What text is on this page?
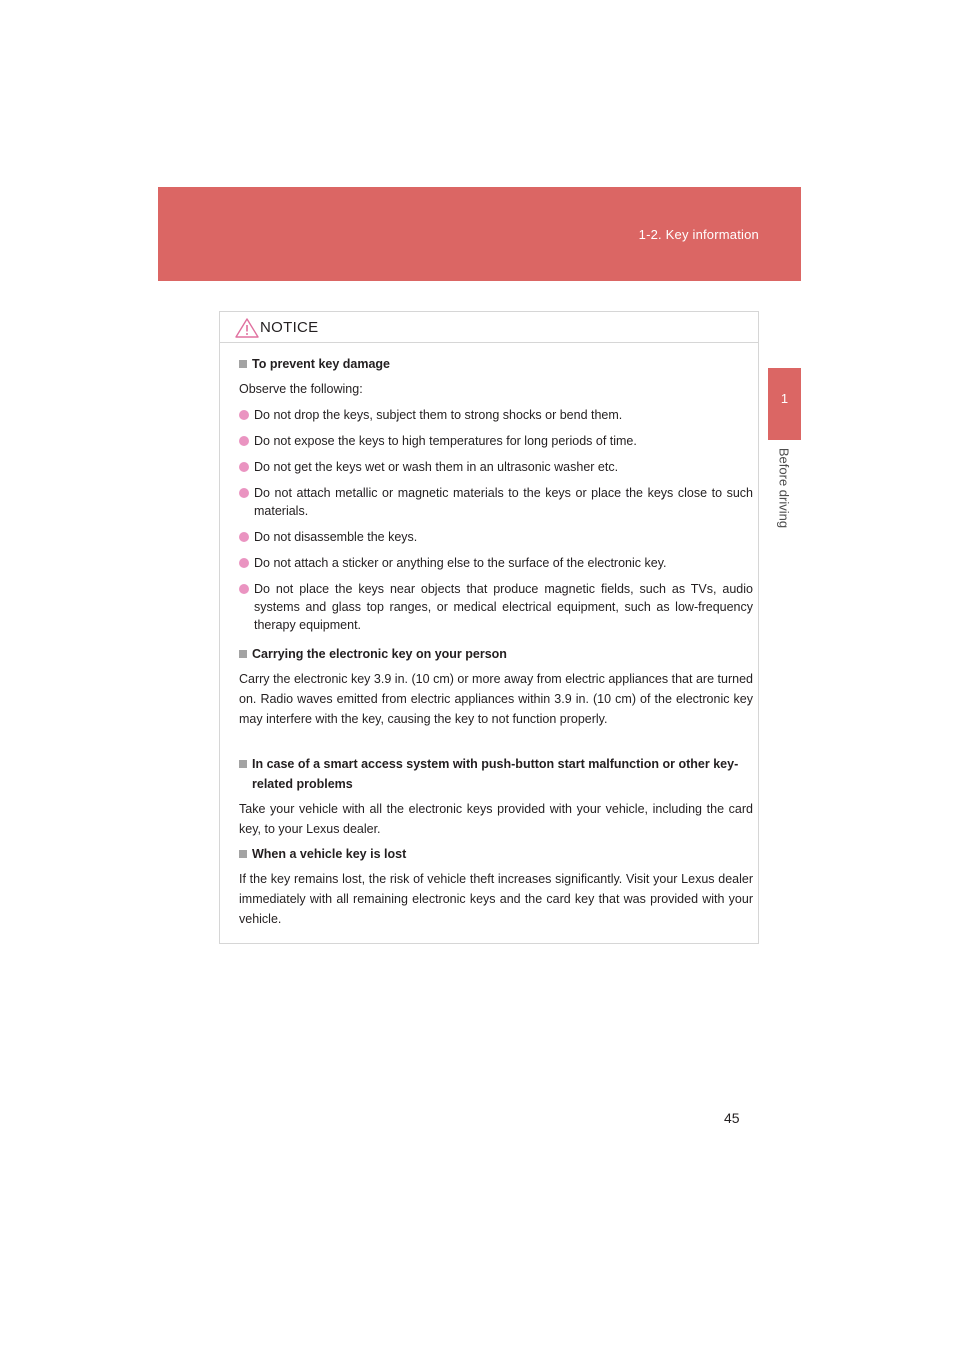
1-2. Key information
1
Before driving
NOTICE
To prevent key damage
Observe the following:
Do not drop the keys, subject them to strong shocks or bend them.
Do not expose the keys to high temperatures for long periods of time.
Do not get the keys wet or wash them in an ultrasonic washer etc.
Do not attach metallic or magnetic materials to the keys or place the keys close to such materials.
Do not disassemble the keys.
Do not attach a sticker or anything else to the surface of the electronic key.
Do not place the keys near objects that produce magnetic fields, such as TVs, audio systems and glass top ranges, or medical electrical equipment, such as low-frequency therapy equipment.
Carrying the electronic key on your person
Carry the electronic key 3.9 in. (10 cm) or more away from electric appliances that are turned on. Radio waves emitted from electric appliances within 3.9 in. (10 cm) of the electronic key may interfere with the key, causing the key to not function properly.
In case of a smart access system with push-button start malfunction or other key-related problems
Take your vehicle with all the electronic keys provided with your vehicle, including the card key, to your Lexus dealer.
When a vehicle key is lost
If the key remains lost, the risk of vehicle theft increases significantly. Visit your Lexus dealer immediately with all remaining electronic keys and the card key that was provided with your vehicle.
45
